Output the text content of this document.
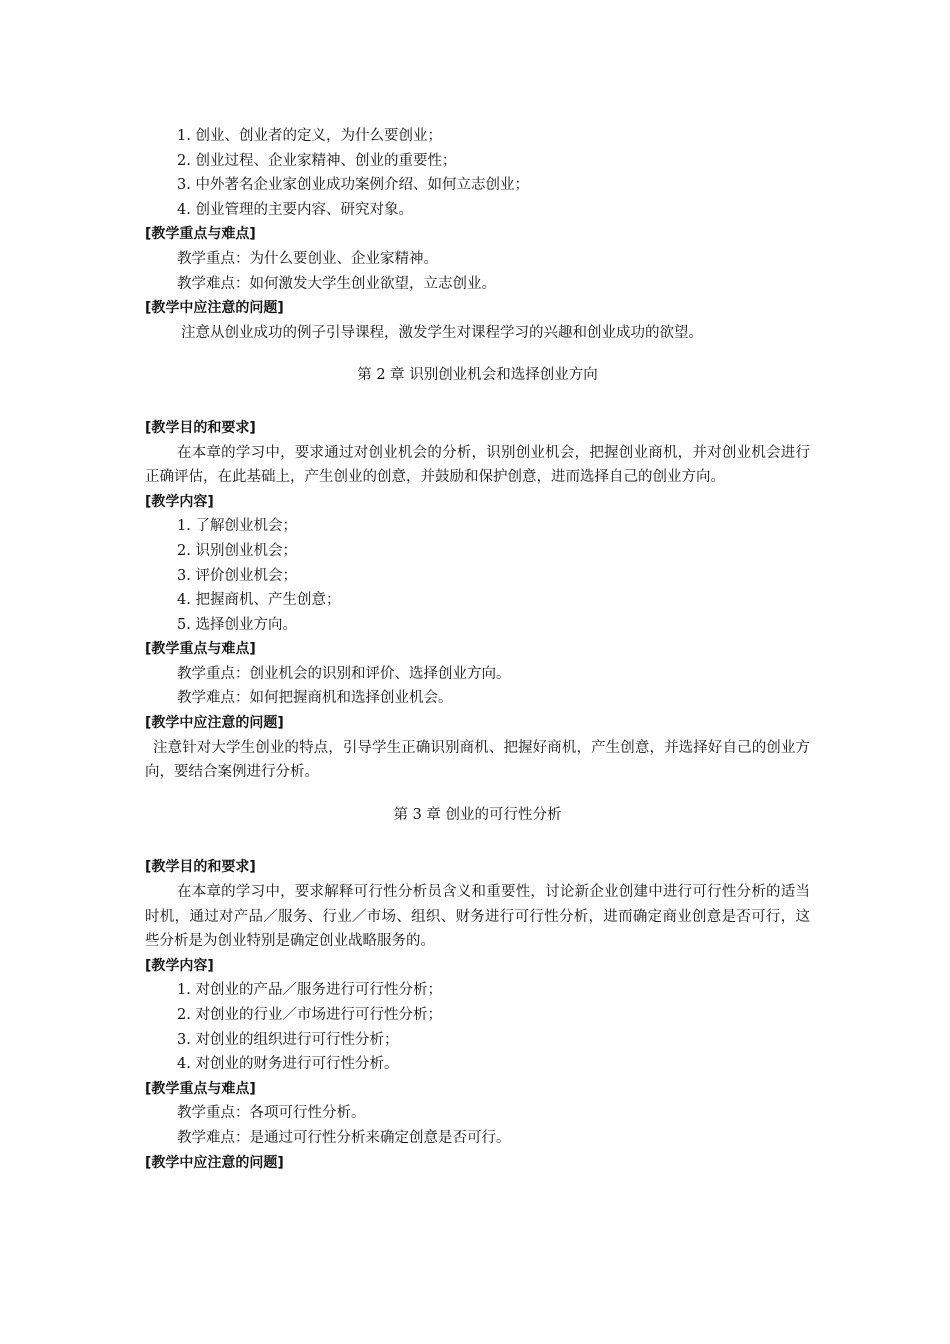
1. 创业、创业者的定义，为什么要创业；
2. 创业过程、企业家精神、创业的重要性；
3. 中外著名企业家创业成功案例介绍、如何立志创业；
4. 创业管理的主要内容、研究对象。
[教学重点与难点]
教学重点：为什么要创业、企业家精神。
教学难点：如何激发大学生创业欲望，立志创业。
[教学中应注意的问题]
注意从创业成功的例子引导课程，激发学生对课程学习的兴趣和创业成功的欲望。
第 2 章 识别创业机会和选择创业方向
[教学目的和要求]
在本章的学习中，要求通过对创业机会的分析，识别创业机会，把握创业商机，并对创业机会进行正确评估，在此基础上，产生创业的创意，并鼓励和保护创意，进而选择自己的创业方向。
[教学内容]
1. 了解创业机会；
2. 识别创业机会；
3. 评价创业机会；
4. 把握商机、产生创意；
5. 选择创业方向。
[教学重点与难点]
教学重点：创业机会的识别和评价、选择创业方向。
教学难点：如何把握商机和选择创业机会。
[教学中应注意的问题]
注意针对大学生创业的特点，引导学生正确识别商机、把握好商机，产生创意，并选择好自己的创业方向，要结合案例进行分析。
第 3 章 创业的可行性分析
[教学目的和要求]
在本章的学习中，要求解释可行性分析员含义和重要性，讨论新企业创建中进行可行性分析的适当时机，通过对产品／服务、行业／市场、组织、财务进行可行性分析，进而确定商业创意是否可行，这些分析是为创业特别是确定创业战略服务的。
[教学内容]
1. 对创业的产品／服务进行可行性分析；
2. 对创业的行业／市场进行可行性分析；
3. 对创业的组织进行可行性分析；
4. 对创业的财务进行可行性分析。
[教学重点与难点]
教学重点：各项可行性分析。
教学难点：是通过可行性分析来确定创意是否可行。
[教学中应注意的问题]
